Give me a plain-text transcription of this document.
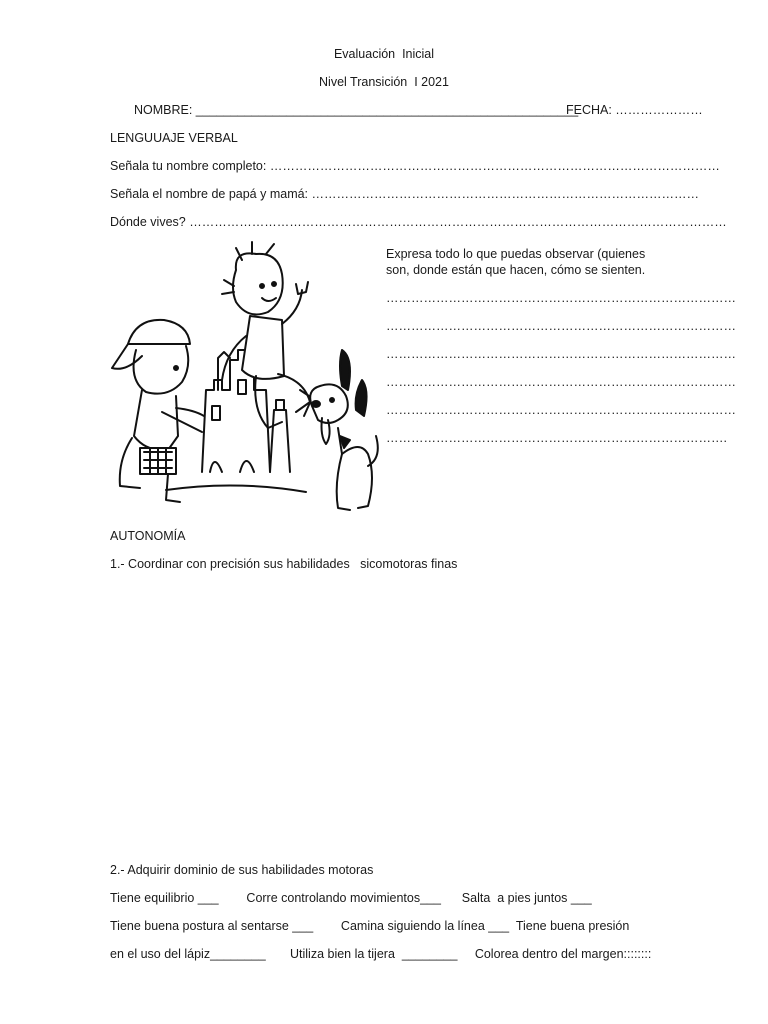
Evaluación  Inicial
Nivel Transición  I 2021
NOMBRE: _______________________________________________________
FECHA: …………………
LENGUUAJE VERBAL
Señala tu nombre completo: ………………………………………………………………………………………………
Señala el nombre de papá y mamá: …………………………………………………………………………………
Dónde vives? …………………………………………………………………………………………………………………
Expresa todo lo que puedas observar (quienes
son, donde están que hacen, cómo se sienten.
…………………………………………………………………………
…………………………………………………………………………
…………………………………………………………………………
…………………………………………………………………………
…………………………………………………………………………
……………………………………………………………………….
AUTONOMÍA
1.- Coordinar con precisión sus habilidades   sicomotoras finas
2.- Adquirir dominio de sus habilidades motoras
Tiene equilibrio ___        Corre controlando movimientos___      Salta  a pies juntos ___
Tiene buena postura al sentarse ___        Camina siguiendo la línea ___  Tiene buena presión
en el uso del lápiz________       Utiliza bien la tijera  ________     Colorea dentro del margen::::::::
